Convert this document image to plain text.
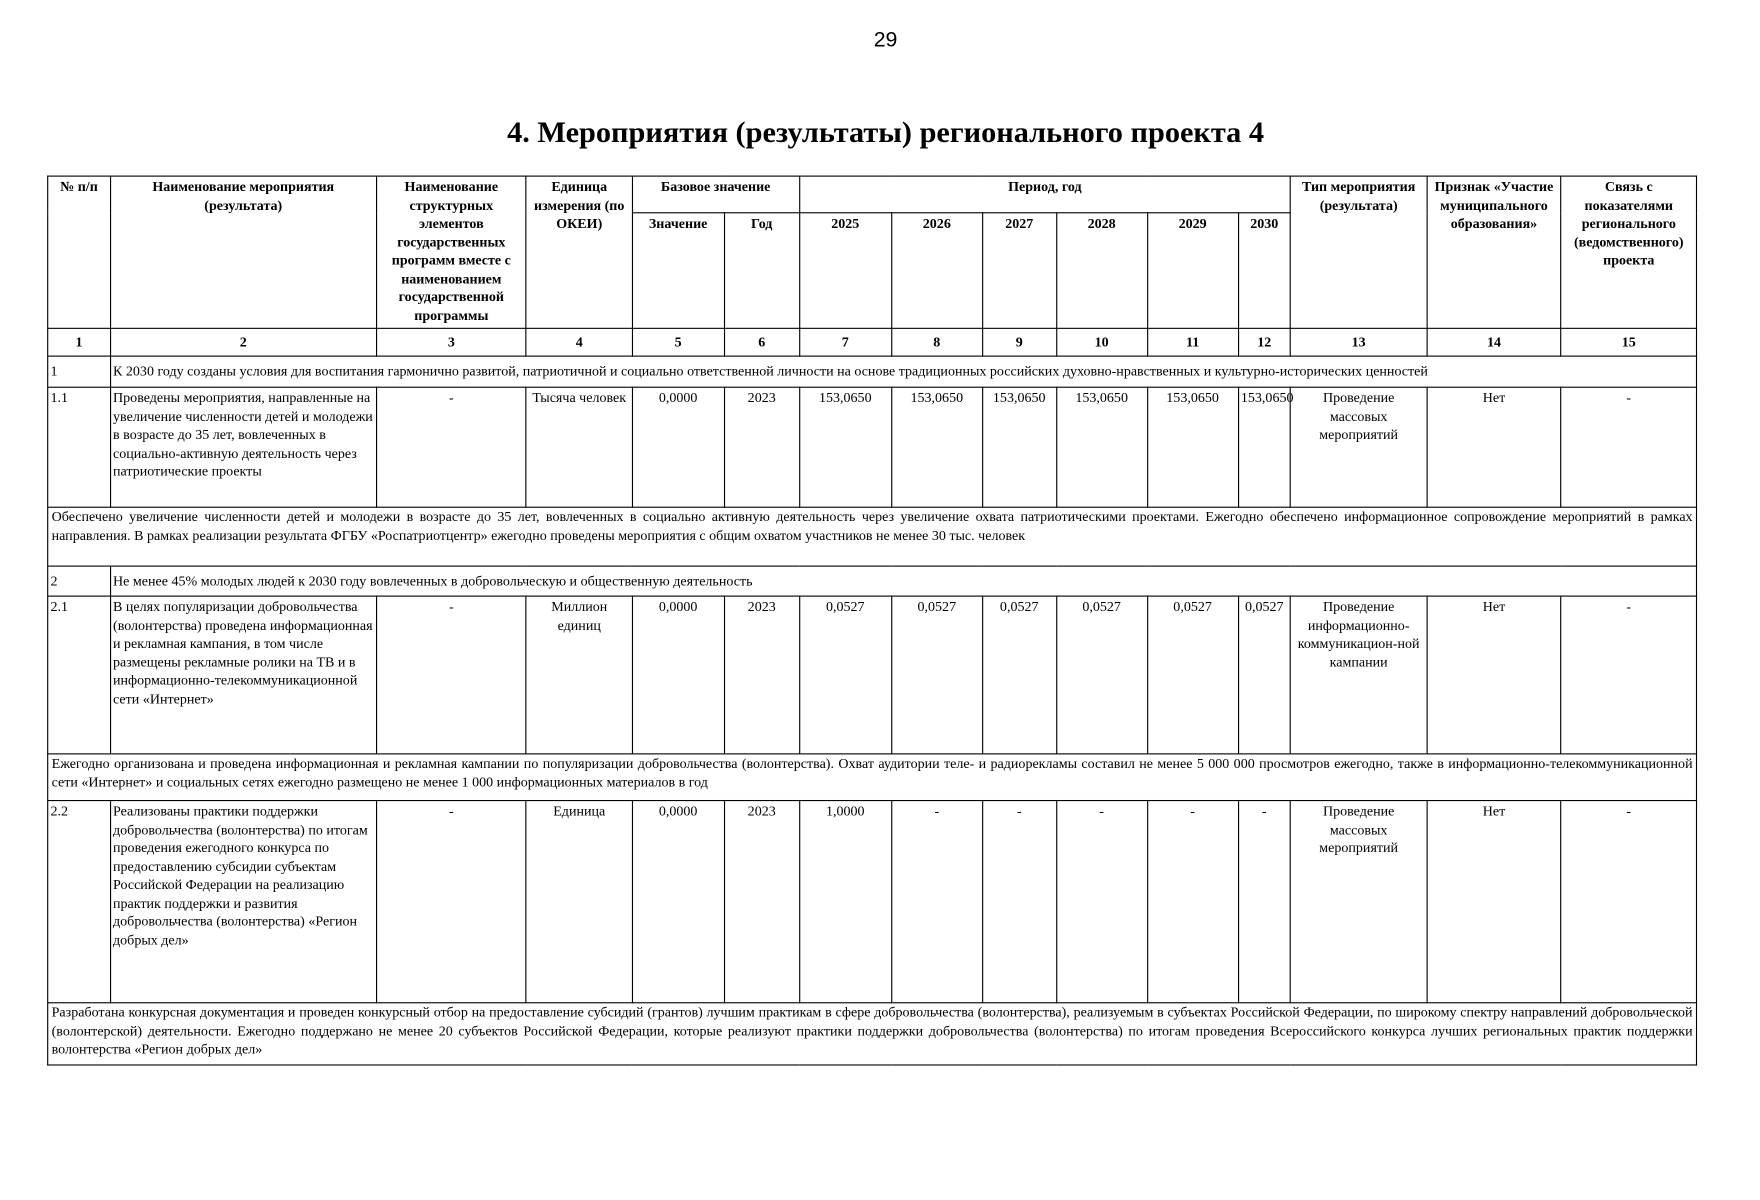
29
4. Мероприятия (результаты) регионального проекта 4
№ п/п	Наименование мероприятия (результата)	Наименование структурных элементов государственных программ вместе с наименованием государственной программы	Единица измерения (по ОКЕИ)	Базовое значение		Период, год						Тип мероприятия (результата)	Признак «Участие муниципального образования»	Связь с показателями регионального (ведомственного) проекта
				Значение	Год	2025	2026	2027	2028	2029	2030			
1	2	3	4	5	6	7	8	9	10	11	12	13	14	15
1	К 2030 году созданы условия для воспитания гармонично развитой, патриотичной и социально ответственной личности на основе традиционных российских духовно-нравственных и культурно-исторических ценностей													
1.1	Проведены мероприятия, направленные на увеличение численности детей и молодежи в возрасте до 35 лет, вовлеченных в социально-активную деятельность через патриотические проекты	-	Тысяча человек	0,0000	2023	153,0650	153,0650	153,0650	153,0650	153,0650	153,0650	Проведение массовых мероприятий	Нет	-
Обеспечено увеличение численности детей и молодежи в возрасте до 35 лет, вовлеченных в социально активную деятельность через увеличение охвата патриотическими проектами. Ежегодно обеспечено информационное сопровождение мероприятий в рамках направления. В рамках реализации результата ФГБУ «Роспатриотцентр» ежегодно проведены мероприятия с общим охватом участников не менее 30 тыс. человек														
2	Не менее 45% молодых людей к 2030 году вовлеченных в добровольческую и общественную деятельность													
2.1	В целях популяризации добровольчества (волонтерства) проведена информационная и рекламная кампания, в том числе размещены рекламные ролики на ТВ и в информационно-телекоммуникационной сети «Интернет»	-	Миллион единиц	0,0000	2023	0,0527	0,0527	0,0527	0,0527	0,0527	0,0527	Проведение информационно-коммуникацион-ной кампании	Нет	-
Ежегодно организована и проведена информационная и рекламная кампании по популяризации добровольчества (волонтерства). Охват аудитории теле- и радиорекламы составил не менее 5 000 000 просмотров ежегодно, также в информационно-телекоммуникационной сети «Интернет» и социальных сетях ежегодно размещено не менее 1 000 информационных материалов в год														
2.2	Реализованы практики поддержки добровольчества (волонтерства) по итогам проведения ежегодного конкурса по предоставлению субсидии субъектам Российской Федерации на реализацию практик поддержки и развития добровольчества (волонтерства) «Регион добрых дел»	-	Единица	0,0000	2023	1,0000	-	-	-	-	-	Проведение массовых мероприятий	Нет	-
Разработана конкурсная документация и проведен конкурсный отбор на предоставление субсидий (грантов) лучшим практикам в сфере добровольчества (волонтерства), реализуемым в субъектах Российской Федерации, по широкому спектру направлений добровольческой (волонтерской) деятельности. Ежегодно поддержано не менее 20 субъектов Российской Федерации, которые реализуют практики поддержки добровольчества (волонтерства) по итогам проведения Всероссийского конкурса лучших региональных практик поддержки волонтерства «Регион добрых дел»														
